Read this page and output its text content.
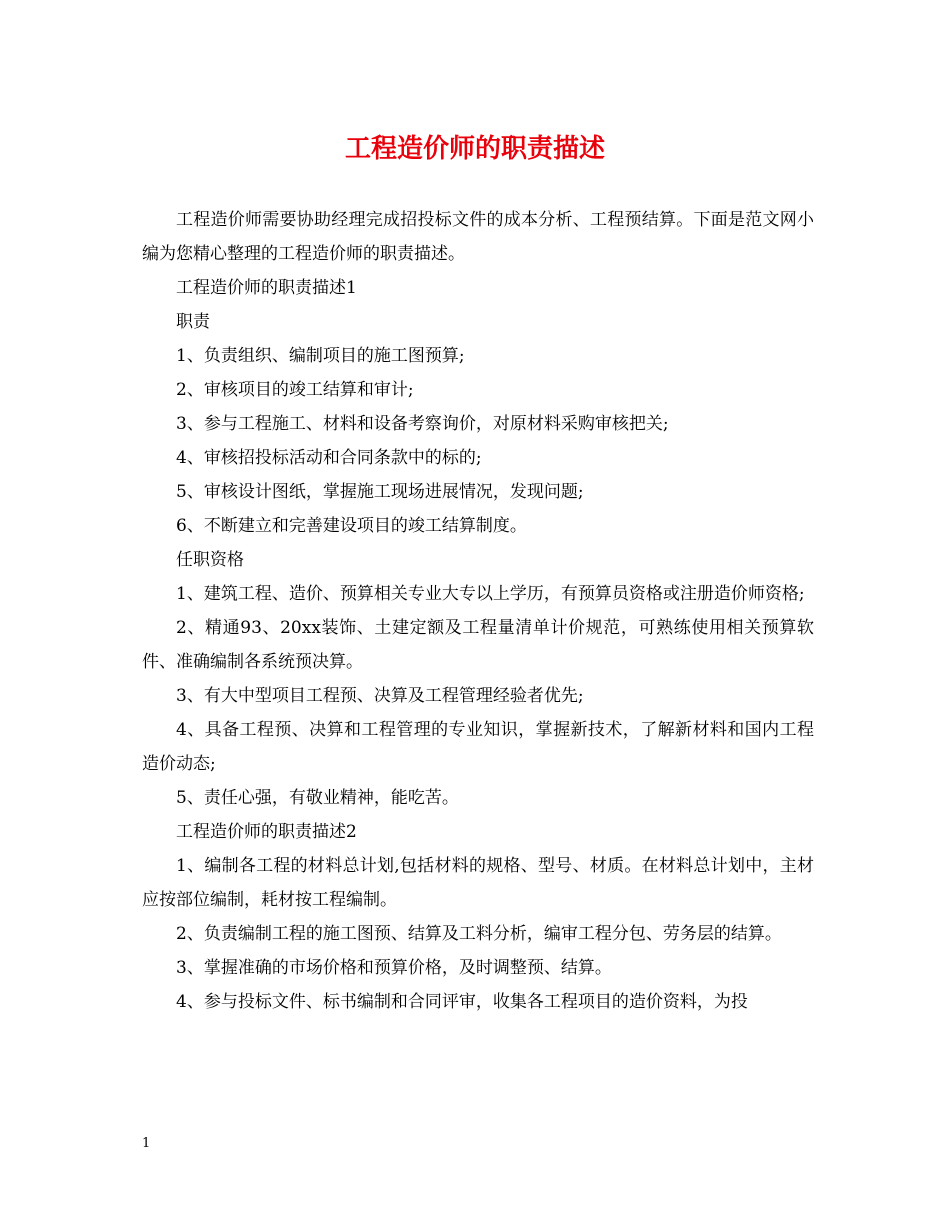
工程造价师的职责描述

工程造价师需要协助经理完成招投标文件的成本分析、工程预结算。下面是范文网小编为您精心整理的工程造价师的职责描述。

工程造价师的职责描述1

职责

1、负责组织、编制项目的施工图预算;

2、审核项目的竣工结算和审计;

3、参与工程施工、材料和设备考察询价，对原材料采购审核把关;

4、审核招投标活动和合同条款中的标的;

5、审核设计图纸，掌握施工现场进展情况，发现问题;

6、不断建立和完善建设项目的竣工结算制度。

任职资格

1、建筑工程、造价、预算相关专业大专以上学历，有预算员资格或注册造价师资格;

2、精通93、20xx装饰、土建定额及工程量清单计价规范，可熟练使用相关预算软件、准确编制各系统预决算。

3、有大中型项目工程预、决算及工程管理经验者优先;

4、具备工程预、决算和工程管理的专业知识，掌握新技术，了解新材料和国内工程造价动态;

5、责任心强，有敬业精神，能吃苦。

工程造价师的职责描述2

1、编制各工程的材料总计划,包括材料的规格、型号、材质。在材料总计划中，主材应按部位编制，耗材按工程编制。

2、负责编制工程的施工图预、结算及工料分析，编审工程分包、劳务层的结算。

3、掌握准确的市场价格和预算价格，及时调整预、结算。

4、参与投标文件、标书编制和合同评审，收集各工程项目的造价资料，为投

1
